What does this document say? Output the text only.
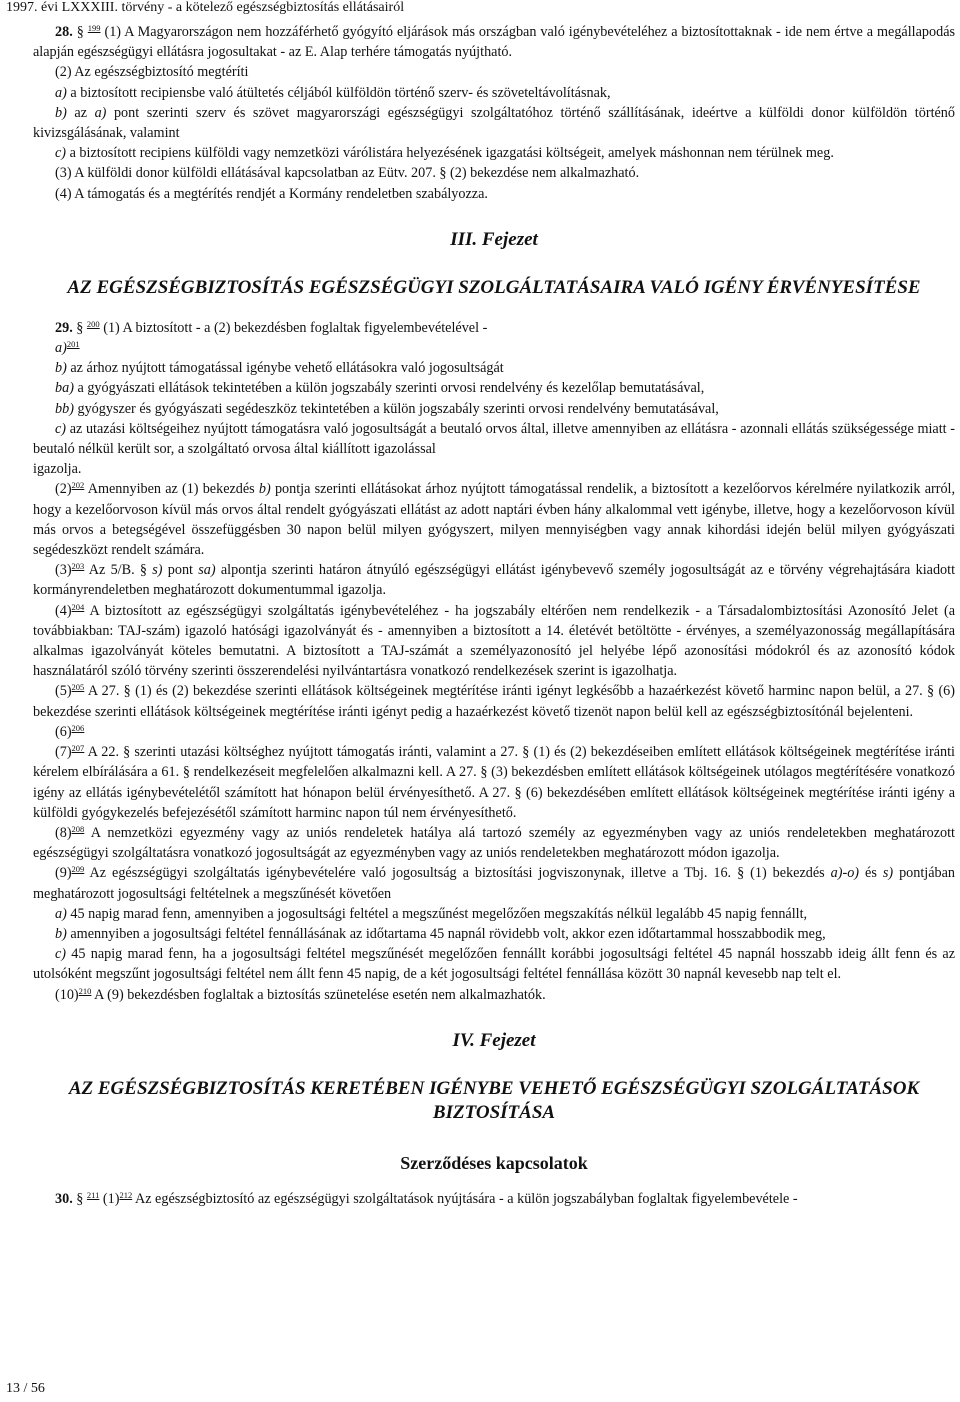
1997. évi LXXXIII. törvény - a kötelező egészségbiztosítás ellátásairól

28. § $^{199}$ (1) A Magyarországon nem hozzáférhető gyógyító eljárások más országban való igénybevételéhez a biztosítottaknak - ide nem értve a megállapodás alapján egészségügyi ellátásra jogosultakat - az E. Alap terhére támogatás nyújtható.

(2) Az egészségbiztosító megtéríti

a) a biztosított recipiensbe való átültetés céljából külföldön történő szerv- és szöveteltávolításnak,

b) az a) pont szerinti szerv és szövet magyarországi egészségügyi szolgáltatóhoz történő szállításának, ideértve a külföldi donor külföldön történő kivizsgálásának, valamint

c) a biztosított recipiens külföldi vagy nemzetközi várólistára helyezésének igazgatási költségeit, amelyek máshonnan nem térülnek meg.

(3) A külföldi donor külföldi ellátásával kapcsolatban az Eütv. 207. § (2) bekezdése nem alkalmazható.

(4) A támogatás és a megtérítés rendjét a Kormány rendeletben szabályozza.

III. Fejezet
AZ EGÉSZSÉGBIZTOSÍTÁS EGÉSZSÉGÜGYI SZOLGÁLTATÁSAIRA VALÓ IGÉNY ÉRVÉNYESÍTÉSE

29. § $^{200}$ (1) A biztosított - a (2) bekezdésben foglaltak figyelembevételével -

a)$^{201}$

b) az árhoz nyújtott támogatással igénybe vehető ellátásokra való jogosultságát

ba) a gyógyászati ellátások tekintetében a külön jogszabály szerinti orvosi rendelvény és kezelőlap bemutatásával,

bb) gyógyszer és gyógyászati segédeszköz tekintetében a külön jogszabály szerinti orvosi rendelvény bemutatásával,

c) az utazási költségeihez nyújtott támogatásra való jogosultságát a beutaló orvos által, illetve amennyiben az ellátásra - azonnali ellátás szükségessége miatt - beutaló nélkül került sor, a szolgáltató orvosa által kiállított igazolással

igazolja.

$(2)^{202}$ Amennyiben az (1) bekezdés b) pontja szerinti ellátásokat árhoz nyújtott támogatással rendelik, a biztosított a kezelőorvos kérelmére nyilatkozik arról, hogy a kezelőorvoson kívül más orvos által rendelt gyógyászati ellátást az adott naptári évben hány alkalommal vett igénybe, illetve, hogy a kezelőorvoson kívül más orvos a betegségével összefüggésben 30 napon belül milyen gyógyszert, milyen mennyiségben vagy annak kihordási idején belül milyen gyógyászati segédeszközt rendelt számára.

$(3)^{203}$ Az 5/B. § s) pont sa) alpontja szerinti határon átnyúló egészségügyi ellátást igénybevevő személy jogosultságát az e törvény végrehajtására kiadott kormányrendeletben meghatározott dokumentummal igazolja.

$(4)^{204}$ A biztosított az egészségügyi szolgáltatás igénybevételéhez - ha jogszabály eltérően nem rendelkezik - a Társadalombiztosítási Azonosító Jelet (a továbbiakban: TAJ-szám) igazoló hatósági igazolványát és - amennyiben a biztosított a 14. életévét betöltötte - érvényes, a személyazonosság megállapítására alkalmas igazolványát köteles bemutatni. A biztosított a TAJ-számát a személyazonosító jel helyébe lépő azonosítási módokról és az azonosító kódok használatáról szóló törvény szerinti összerendelési nyilvántartásra vonatkozó rendelkezések szerint is igazolhatja.

$(5)^{205}$ A 27. § (1) és (2) bekezdése szerinti ellátások költségeinek megtérítése iránti igényt legkésőbb a hazaérkezést követő harminc napon belül, a 27. § (6) bekezdése szerinti ellátások költségeinek megtérítése iránti igényt pedig a hazaérkezést követő tizenöt napon belül kell az egészségbiztosítónál bejelenteni.

$(6)^{206}$

$(7)^{207}$ A 22. § szerinti utazási költséghez nyújtott támogatás iránti, valamint a 27. § (1) és (2) bekezdéseiben említett ellátások költségeinek megtérítése iránti kérelem elbírálására a 61. § rendelkezéseit megfelelően alkalmazni kell. A 27. § (3) bekezdésben említett ellátások költségeinek utólagos megtérítésére vonatkozó igény az ellátás igénybevételétől számított hat hónapon belül érvényesíthető. A 27. § (6) bekezdésében említett ellátások költségeinek megtérítése iránti igény a külföldi gyógykezelés befejezésétől számított harminc napon túl nem érvényesíthető.

$(8)^{208}$ A nemzetközi egyezmény vagy az uniós rendeletek hatálya alá tartozó személy az egyezményben vagy az uniós rendeletekben meghatározott egészségügyi szolgáltatásra vonatkozó jogosultságát az egyezményben vagy az uniós rendeletekben meghatározott módon igazolja.

$(9)^{209}$ Az egészségügyi szolgáltatás igénybevételére való jogosultság a biztosítási jogviszonynak, illetve a Tbj. 16. § (1) bekezdés a)-o) és s) pontjában meghatározott jogosultsági feltételnek a megszűnését követően

a) 45 napig marad fenn, amennyiben a jogosultsági feltétel a megszűnést megelőzően megszakítás nélkül legalább 45 napig fennállt,

b) amennyiben a jogosultsági feltétel fennállásának az időtartama 45 napnál rövidebb volt, akkor ezen időtartammal hosszabbodik meg,

c) 45 napig marad fenn, ha a jogosultsági feltétel megszűnését megelőzően fennállt korábbi jogosultsági feltétel 45 napnál hosszabb ideig állt fenn és az utolsóként megszűnt jogosultsági feltétel nem állt fenn 45 napig, de a két jogosultsági feltétel fennállása között 30 napnál kevesebb nap telt el.

$(10)^{210}$ A (9) bekezdésben foglaltak a biztosítás szünetelése esetén nem alkalmazhatók.

IV. Fejezet
AZ EGÉSZSÉGBIZTOSÍTÁS KERETÉBEN IGÉNYBE VEHETŐ EGÉSZSÉGÜGYI SZOLGÁLTATÁSOK BIZTOSÍTÁSA
Szerződéses kapcsolatok

30. § $^{211}$ $(1)^{212}$ Az egészségbiztosító az egészségügyi szolgáltatások nyújtására - a külön jogszabályban foglaltak figyelembevétele -

13 / 56
